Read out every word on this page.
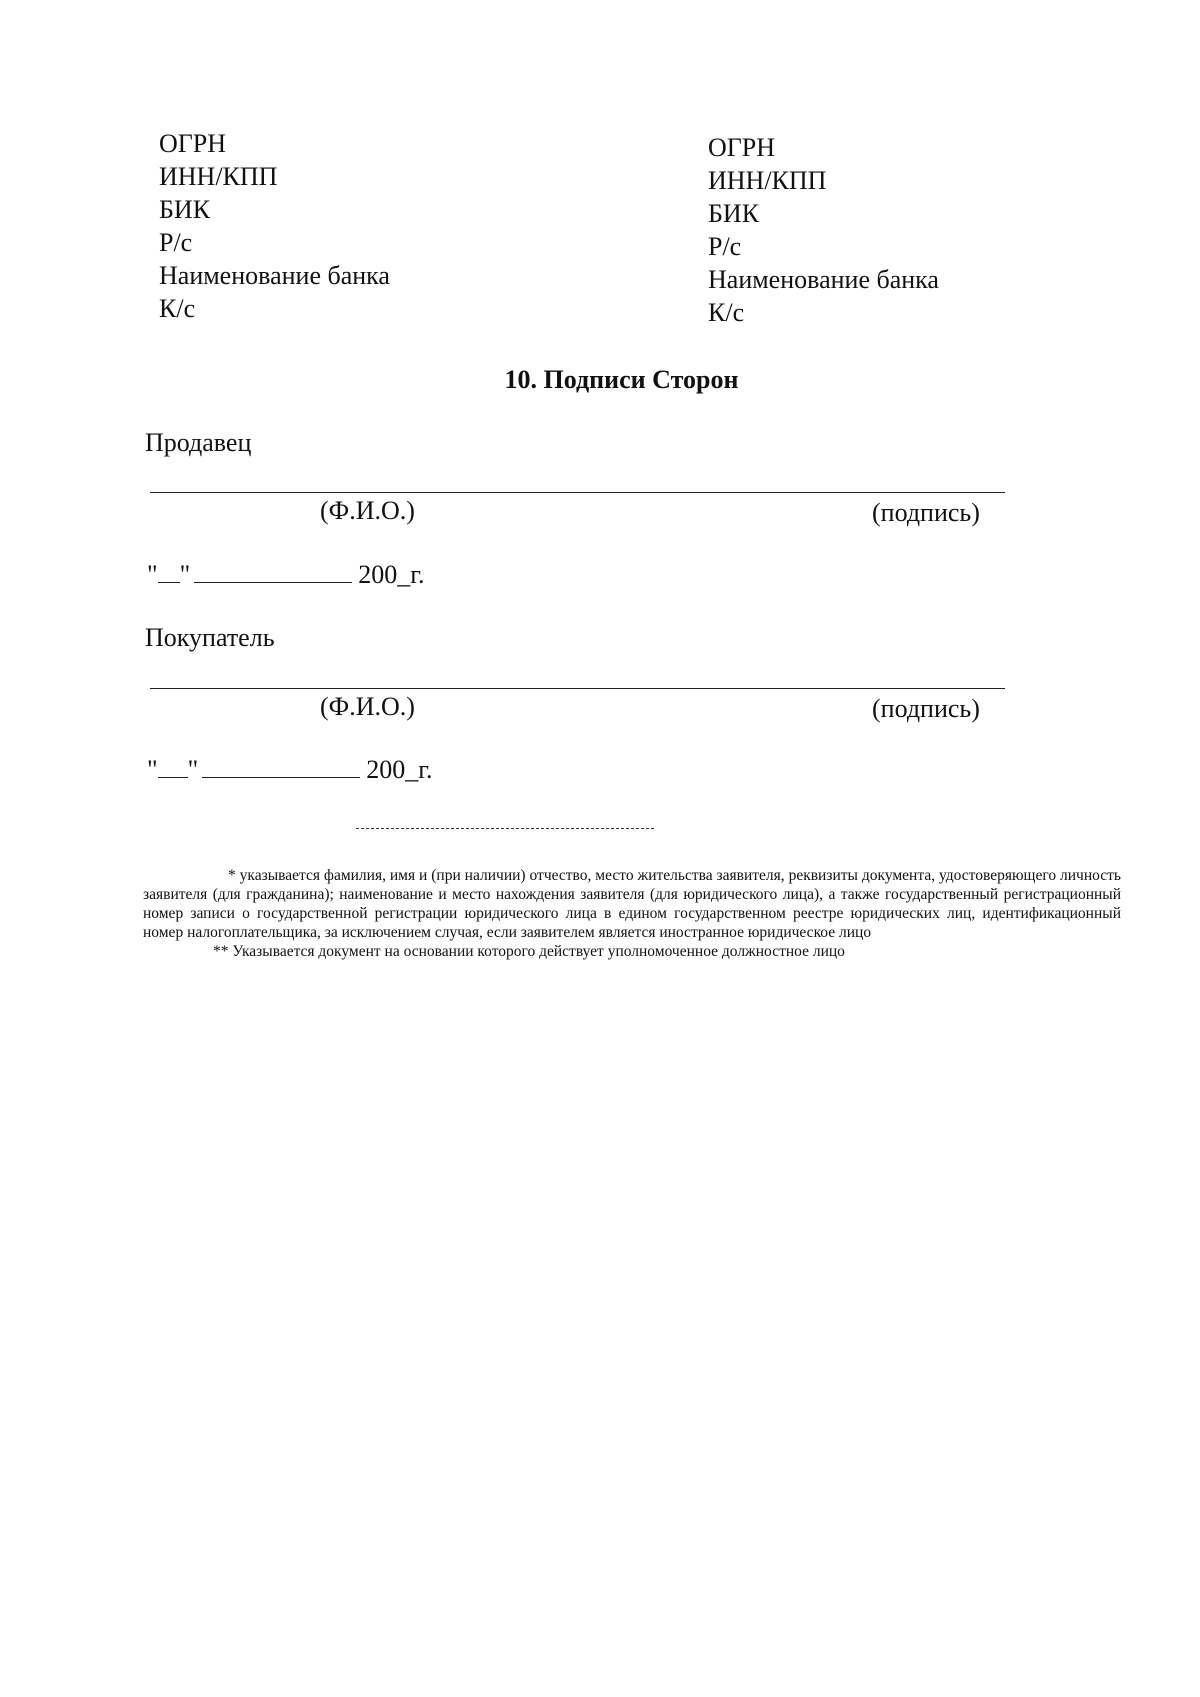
ОГРН
ИНН/КПП
БИК
Р/с
Наименование банка
К/с
ОГРН
ИНН/КПП
БИК
Р/с
Наименование банка
К/с
10. Подписи Сторон
Продавец
(Ф.И.О.)	(подпись)
" "	200_г.
Покупатель
(Ф.И.О.)	(подпись)
" "	200_г.

* указывается фамилия, имя и (при наличии) отчество, место жительства заявителя, реквизиты документа, удостоверяющего личность заявителя (для гражданина); наименование и место нахождения заявителя (для юридического лица), а также государственный регистрационный номер записи о государственной регистрации юридического лица в едином государственном реестре юридических лиц, идентификационный номер налогоплательщика, за исключением случая, если заявителем является иностранное юридическое лицо

** Указывается документ на основании которого действует уполномоченное должностное лицо
